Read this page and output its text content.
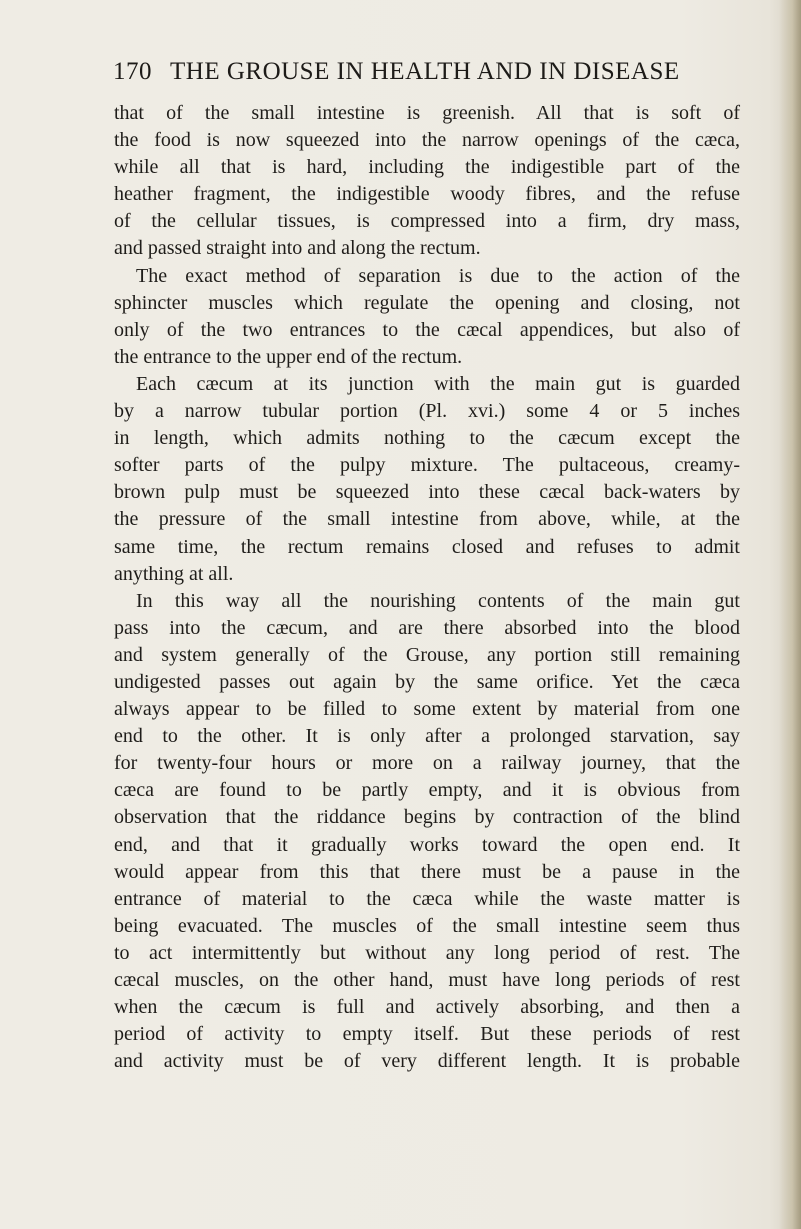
170 THE GROUSE IN HEALTH AND IN DISEASE
that of the small intestine is greenish. All that is soft of
the food is now squeezed into the narrow openings of the cæca,
while all that is hard, including the indigestible part of the
heather fragment, the indigestible woody fibres, and the refuse
of the cellular tissues, is compressed into a firm, dry mass,
and passed straight into and along the rectum.
The exact method of separation is due to the action of the
sphincter muscles which regulate the opening and closing, not
only of the two entrances to the cæcal appendices, but also of
the entrance to the upper end of the rectum.
Each cæcum at its junction with the main gut is guarded
by a narrow tubular portion (Pl. xvi.) some 4 or 5 inches
in length, which admits nothing to the cæcum except the
softer parts of the pulpy mixture. The pultaceous, creamy-
brown pulp must be squeezed into these cæcal back-waters by
the pressure of the small intestine from above, while, at the
same time, the rectum remains closed and refuses to admit
anything at all.
In this way all the nourishing contents of the main gut
pass into the cæcum, and are there absorbed into the blood
and system generally of the Grouse, any portion still remaining
undigested passes out again by the same orifice. Yet the cæca
always appear to be filled to some extent by material from one
end to the other. It is only after a prolonged starvation, say
for twenty-four hours or more on a railway journey, that the
cæca are found to be partly empty, and it is obvious from
observation that the riddance begins by contraction of the blind
end, and that it gradually works toward the open end. It
would appear from this that there must be a pause in the
entrance of material to the cæca while the waste matter is
being evacuated. The muscles of the small intestine seem thus
to act intermittently but without any long period of rest. The
cæcal muscles, on the other hand, must have long periods of rest
when the cæcum is full and actively absorbing, and then a
period of activity to empty itself. But these periods of rest
and activity must be of very different length. It is probable
